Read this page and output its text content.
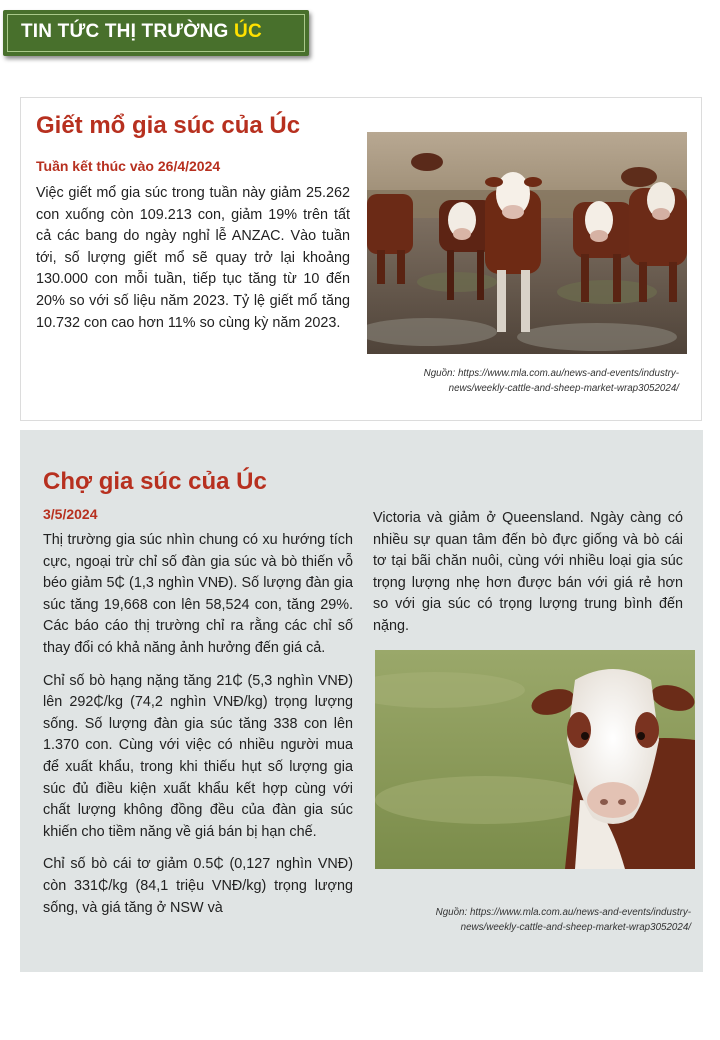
TIN TỨC THỊ TRƯỜNG ÚC
Giết mổ gia súc của Úc
Tuần kết thúc vào 26/4/2024

Việc giết mổ gia súc trong tuần này giảm 25.262 con xuống còn 109.213 con, giảm 19% trên tất cả các bang do ngày nghỉ lễ ANZAC. Vào tuần tới, số lượng giết mổ sẽ quay trở lại khoảng 130.000 con mỗi tuần, tiếp tục tăng từ 10 đến 20% so với số liệu năm 2023. Tỷ lệ giết mổ tăng 10.732 con cao hơn 11% so cùng kỳ năm 2023.

Nguồn: https://www.mla.com.au/news-and-events/industry-
news/weekly-cattle-and-sheep-market-wrap3052024/
Chợ gia súc của Úc
3/5/2024

Thị trường gia súc nhìn chung có xu hướng tích cực, ngoại trừ chỉ số đàn gia súc và bò thiến vỗ béo giảm 5₵ (1,3 nghìn VNĐ). Số lượng đàn gia súc tăng 19,668 con lên 58,524 con, tăng 29%. Các báo cáo thị trường chỉ ra rằng các chỉ số thay đổi có khả năng ảnh hưởng đến giá cả.

Chỉ số bò hạng nặng tăng 21₵ (5,3 nghìn VNĐ) lên 292₵/kg (74,2 nghìn VNĐ/kg) trọng lượng sống. Số lượng đàn gia súc tăng 338 con lên 1.370 con. Cùng với việc có nhiều người mua để xuất khẩu, trong khi thiếu hụt số lượng gia súc đủ điều kiện xuất khẩu kết hợp cùng với chất lượng không đồng đều của đàn gia súc khiến cho tiềm năng về giá bán bị hạn chế.

Chỉ số bò cái tơ giảm 0.5₵ (0,127 nghìn VNĐ) còn 331₵/kg (84,1 triệu VNĐ/kg) trọng lượng sống, và giá tăng ở NSW và

Victoria và giảm ở Queensland. Ngày càng có nhiều sự quan tâm đến bò đực giống và bò cái tơ tại bãi chăn nuôi, cùng với nhiều loại gia súc trọng lượng nhẹ hơn được bán với giá rẻ hơn so với gia súc có trọng lượng trung bình đến nặng.

Nguồn: https://www.mla.com.au/news-and-events/industry-
news/weekly-cattle-and-sheep-market-wrap3052024/
